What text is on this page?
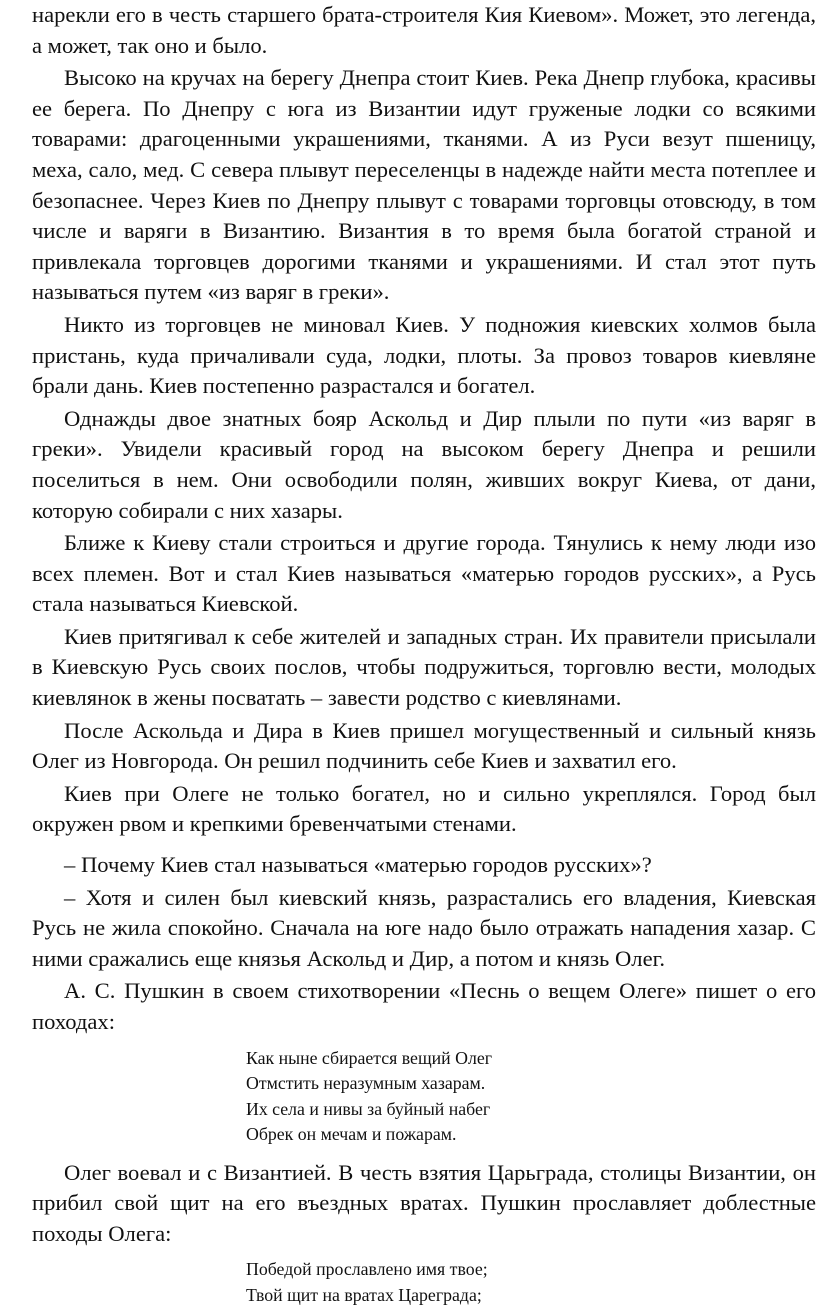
нарекли его в честь старшего брата-строителя Кия Киевом». Может, это легенда, а может, так оно и было.

Высоко на кручах на берегу Днепра стоит Киев. Река Днепр глубока, красивы ее берега. По Днепру с юга из Византии идут груженые лодки со всякими товарами: драгоценными украшениями, тканями. А из Руси везут пшеницу, меха, сало, мед. С севера плывут переселенцы в надежде найти места потеплее и безопаснее. Через Киев по Днепру плывут с товарами торговцы отовсюду, в том числе и варяги в Византию. Византия в то время была богатой страной и привлекала торговцев дорогими тканями и украшениями. И стал этот путь называться путем «из варяг в греки».

Никто из торговцев не миновал Киев. У подножия киевских холмов была пристань, куда причаливали суда, лодки, плоты. За провоз товаров киевляне брали дань. Киев постепенно разрастался и богател.

Однажды двое знатных бояр Аскольд и Дир плыли по пути «из варяг в греки». Увидели красивый город на высоком берегу Днепра и решили поселиться в нем. Они освободили полян, живших вокруг Киева, от дани, которую собирали с них хазары.

Ближе к Киеву стали строиться и другие города. Тянулись к нему люди изо всех племен. Вот и стал Киев называться «матерью городов русских», а Русь стала называться Киевской.

Киев притягивал к себе жителей и западных стран. Их правители присылали в Киевскую Русь своих послов, чтобы подружиться, торговлю вести, молодых киевлянок в жены посватать – завести родство с киевлянами.

После Аскольда и Дира в Киев пришел могущественный и сильный князь Олег из Новгорода. Он решил подчинить себе Киев и захватил его.

Киев при Олеге не только богател, но и сильно укреплялся. Город был окружен рвом и крепкими бревенчатыми стенами.

– Почему Киев стал называться «матерью городов русских»?

– Хотя и силен был киевский князь, разрастались его владения, Киевская Русь не жила спокойно. Сначала на юге надо было отражать нападения хазар. С ними сражались еще князья Аскольд и Дир, а потом и князь Олег.

А. С. Пушкин в своем стихотворении «Песнь о вещем Олеге» пишет о его походах:

Как ныне сбирается вещий Олег
Отмстить неразумным хазарам.
Их села и нивы за буйный набег
Обрек он мечам и пожарам.

Олег воевал и с Византией. В честь взятия Царьграда, столицы Византии, он прибил свой щит на его въездных вратах. Пушкин прославляет доблестные походы Олега:

Победой прославлено имя твое;
Твой щит на вратах Цареграда;
